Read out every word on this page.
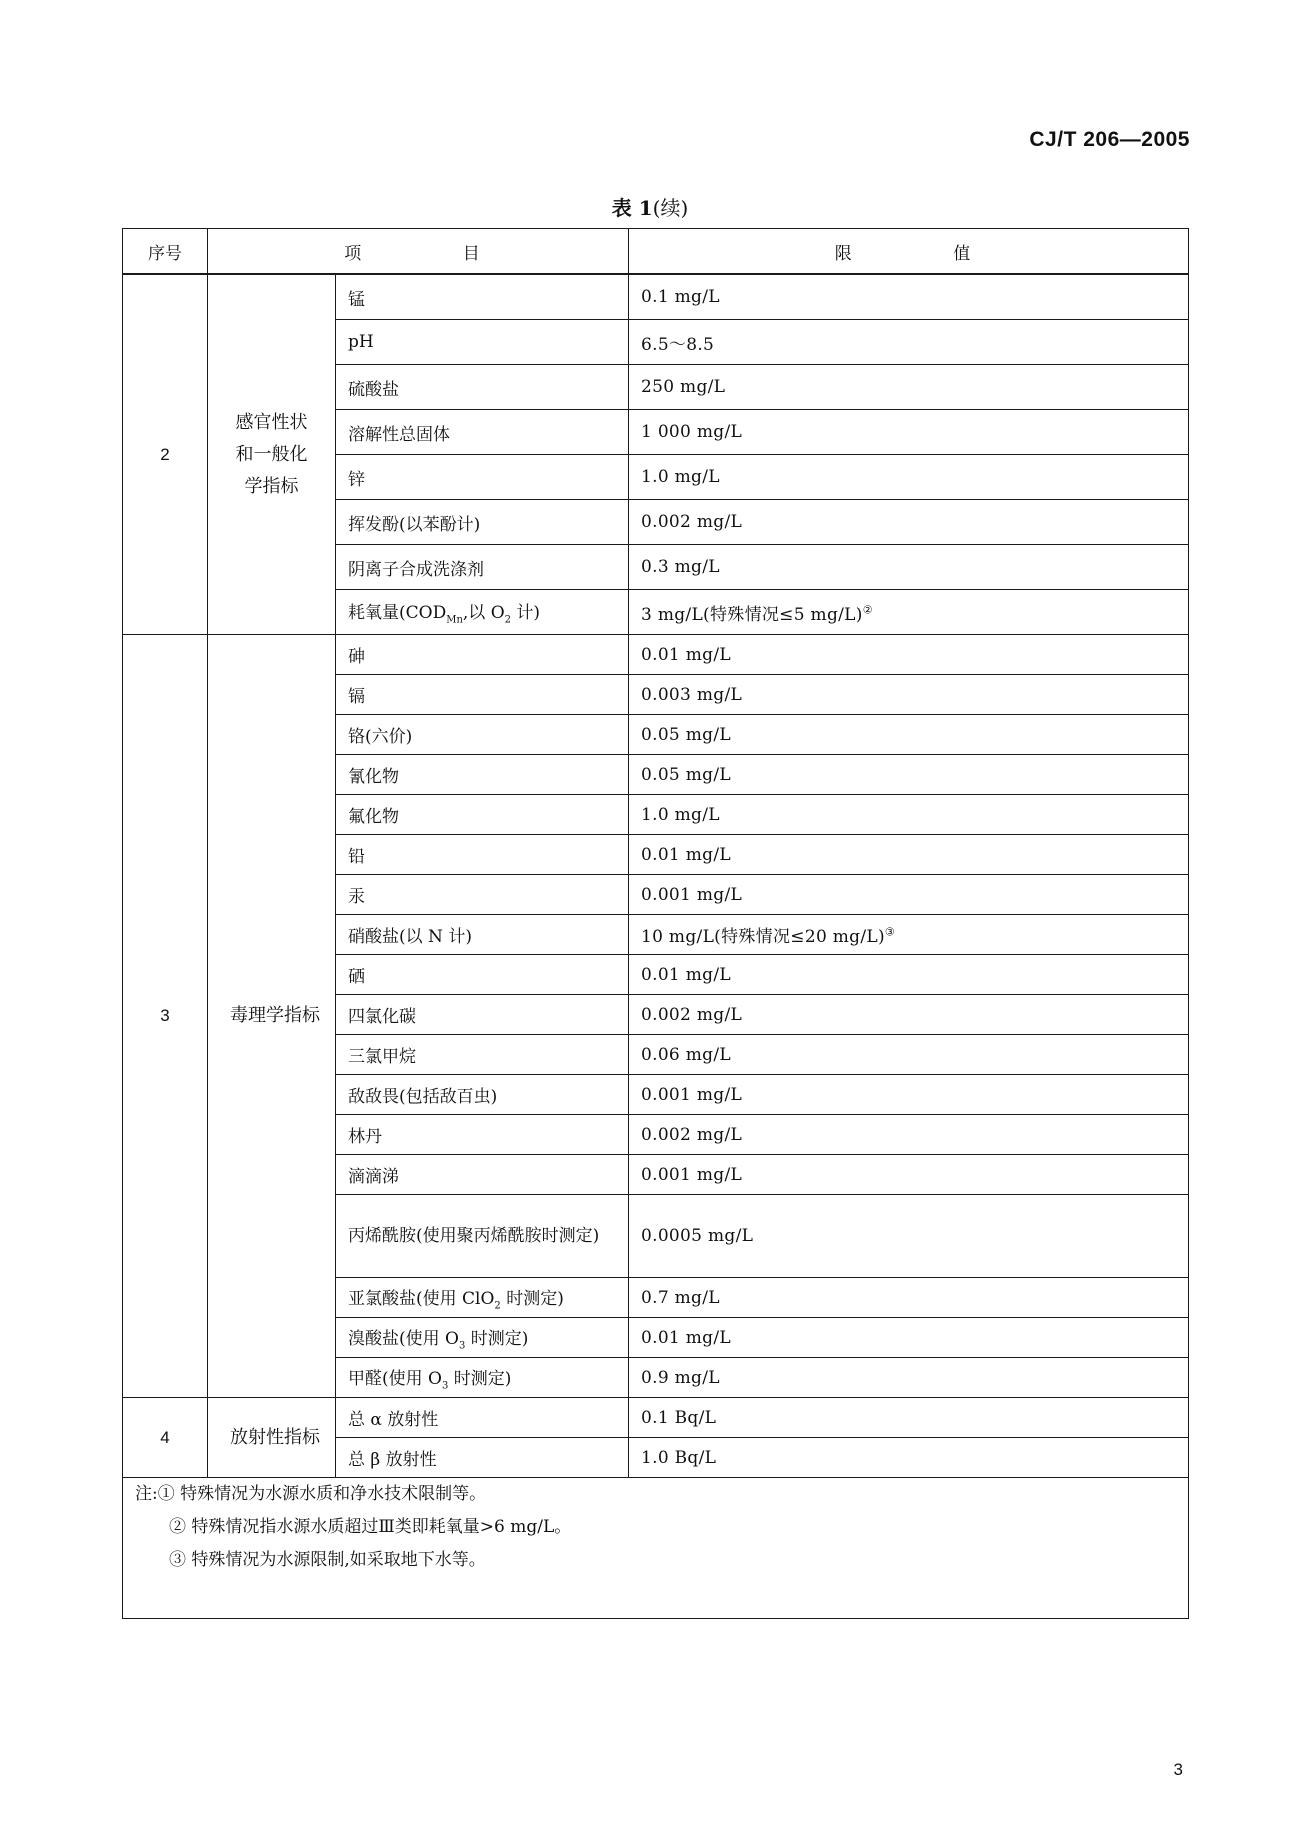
CJ/T 206—2005
表 1(续)
序号	项 目		限 值
2	感官性状和一般化学指标	锰	0.1 mg/L
		pH	6.5～8.5
		硫酸盐	250 mg/L
		溶解性总固体	1 000 mg/L
		锌	1.0 mg/L
		挥发酚(以苯酚计)	0.002 mg/L
		阴离子合成洗涤剂	0.3 mg/L
		耗氧量($COD_{Mn}$,以 $O_2$ 计)	3 mg/L(特殊情况≤5 mg/L)②
3	毒理学指标	砷	0.01 mg/L
		镉	0.003 mg/L
		铬(六价)	0.05 mg/L
		氰化物	0.05 mg/L
		氟化物	1.0 mg/L
		铅	0.01 mg/L
		汞	0.001 mg/L
		硝酸盐(以 N 计)	10 mg/L(特殊情况≤20 mg/L)③
		硒	0.01 mg/L
		四氯化碳	0.002 mg/L
		三氯甲烷	0.06 mg/L
		敌敌畏(包括敌百虫)	0.001 mg/L
		林丹	0.002 mg/L
		滴滴涕	0.001 mg/L
		丙烯酰胺(使用聚丙烯酰胺时测定)	0.0005 mg/L
		亚氯酸盐(使用 ClO$_2$ 时测定)	0.7 mg/L
		溴酸盐(使用 $O_3$ 时测定)	0.01 mg/L
		甲醛(使用 $O_3$ 时测定)	0.9 mg/L
4	放射性指标	总 α 放射性	0.1 Bq/L
		总 β 放射性	1.0 Bq/L

注:① 特殊情况为水源水质和净水技术限制等。
② 特殊情况指水源水质超过Ⅲ类即耗氧量>6 mg/L。
③ 特殊情况为水源限制,如采取地下水等。			
3
